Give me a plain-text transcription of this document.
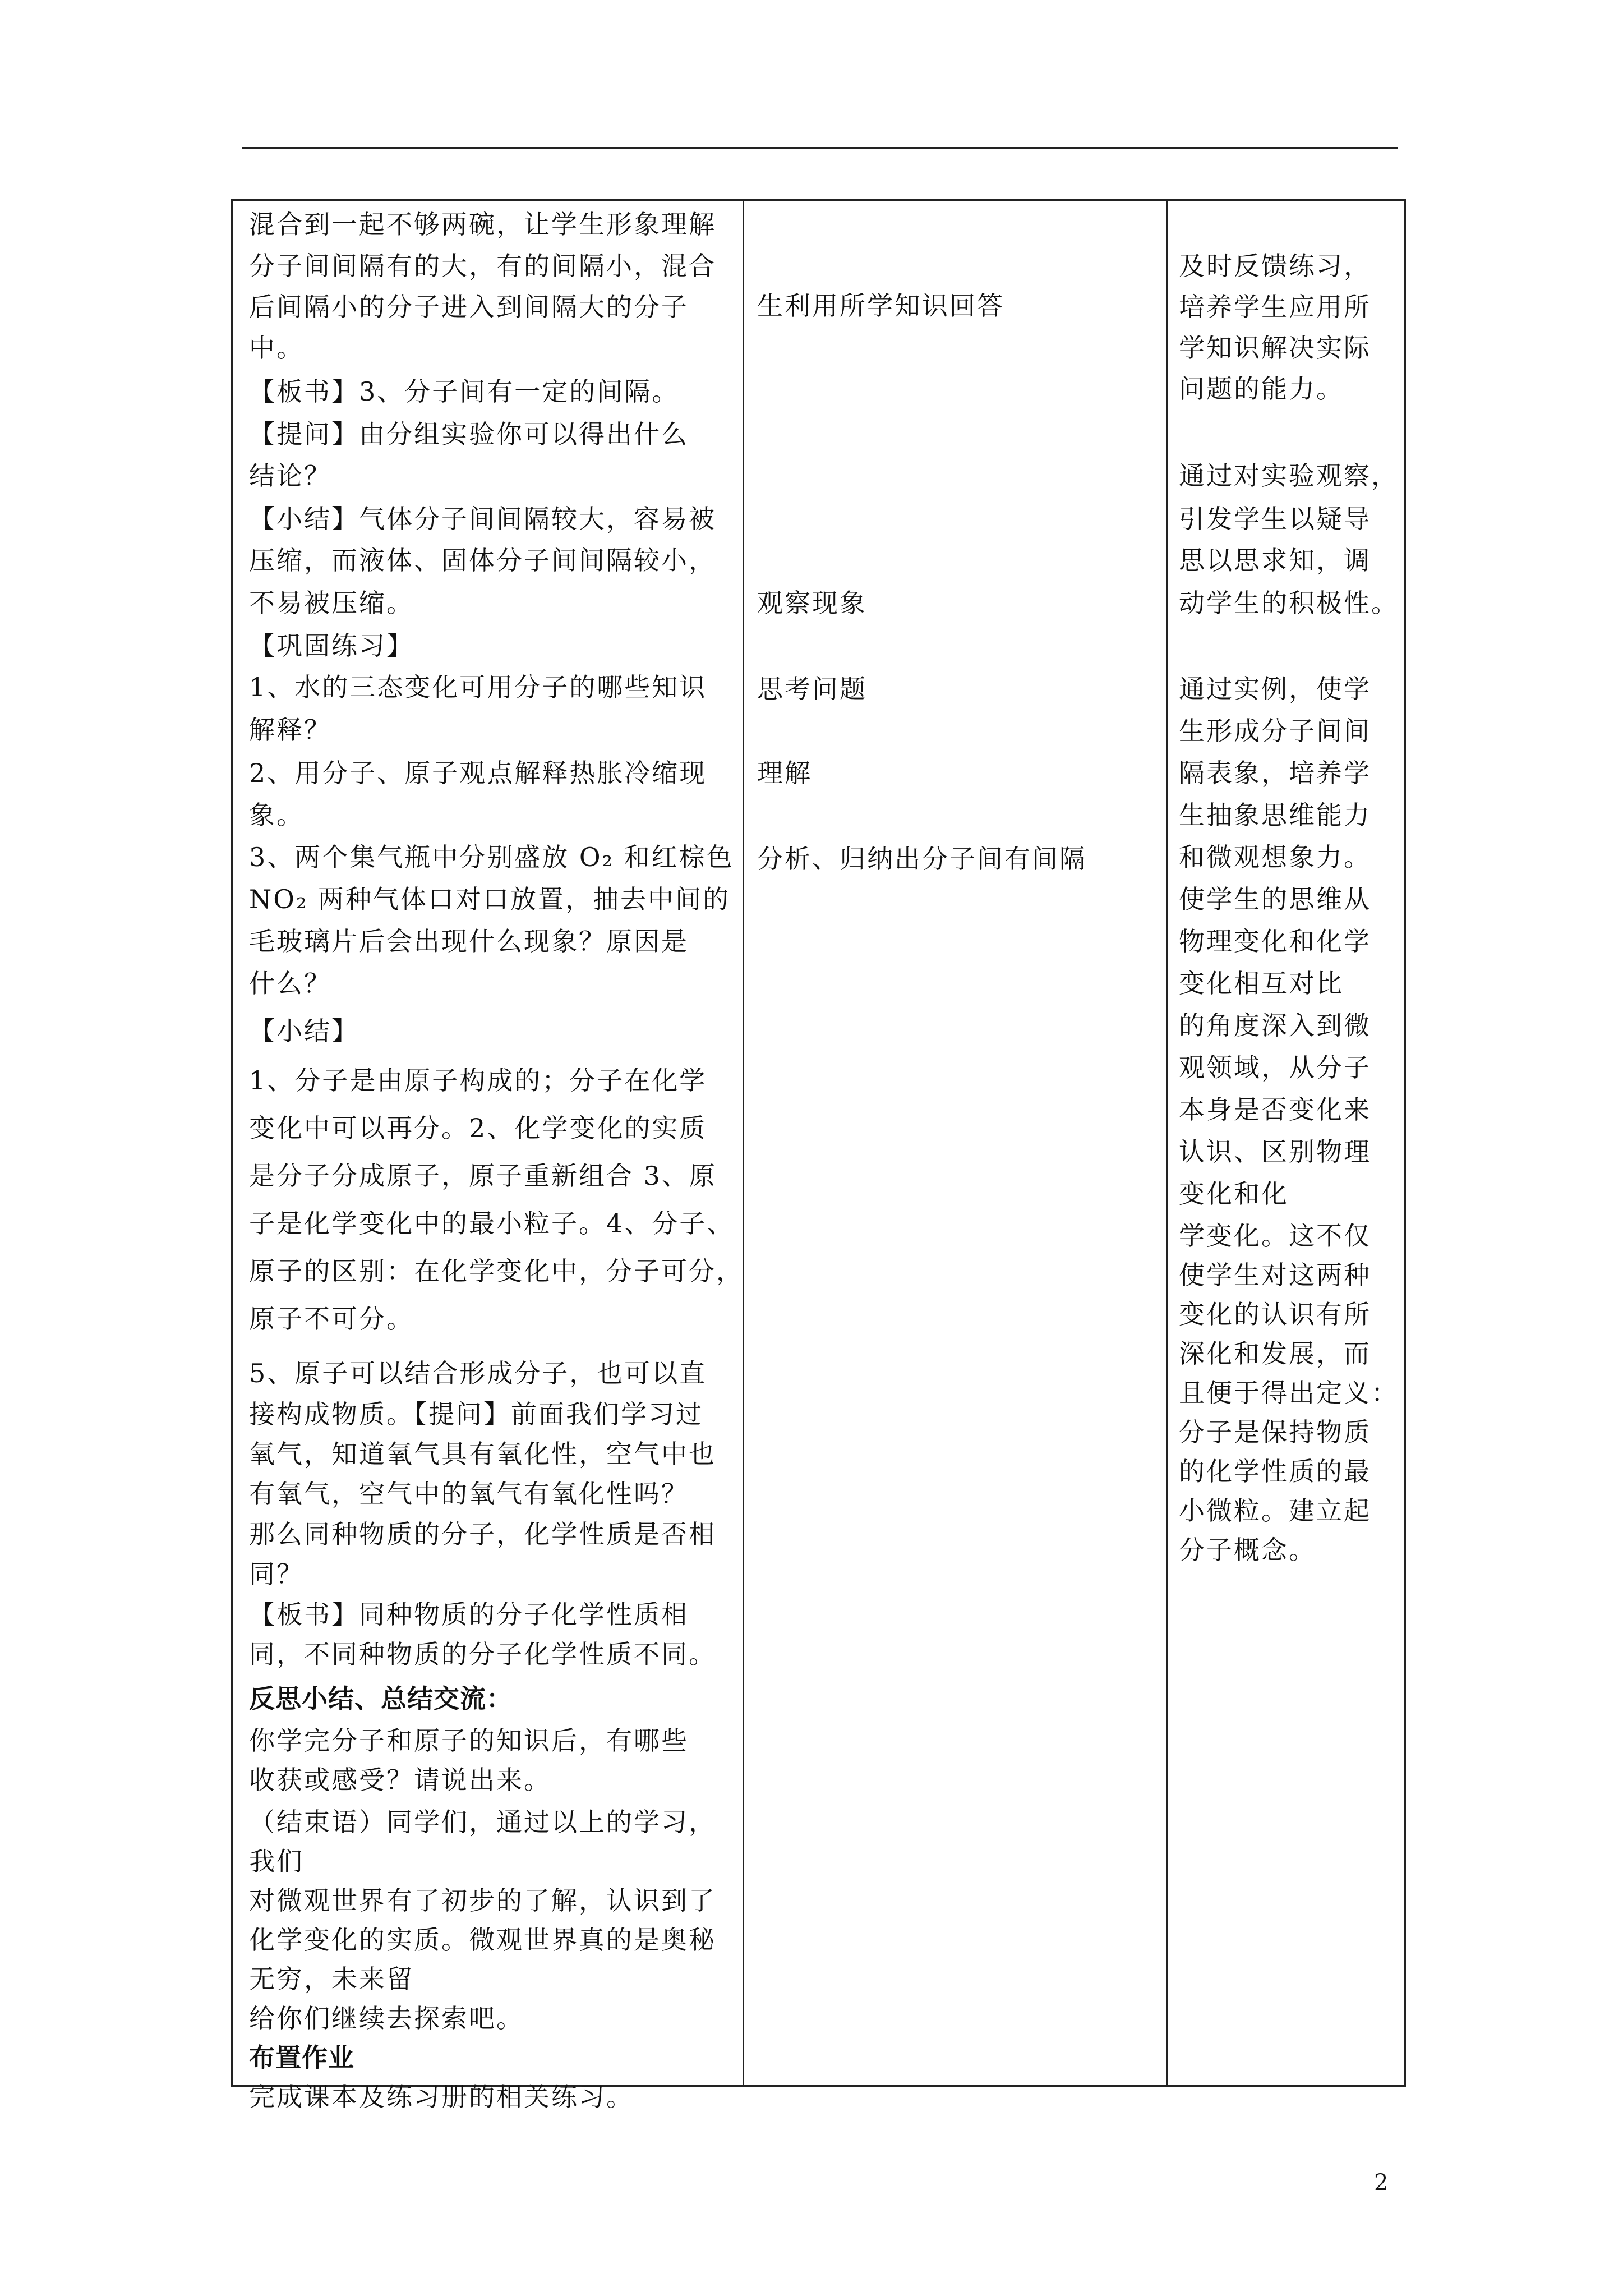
混合到一起不够两碗，让学生形象理解
分子间间隔有的大，有的间隔小，混合
后间隔小的分子进入到间隔大的分子
中。
【板书】3、分子间有一定的间隔。
【提问】由分组实验你可以得出什么
结论？
【小结】气体分子间间隔较大，容易被
压缩，而液体、固体分子间间隔较小，
不易被压缩。
【巩固练习】
1、水的三态变化可用分子的哪些知识
解释？
2、用分子、原子观点解释热胀冷缩现
象。
3、两个集气瓶中分别盛放 O₂ 和红棕色
NO₂ 两种气体口对口放置，抽去中间的
毛玻璃片后会出现什么现象？原因是
什么？
【小结】
1、分子是由原子构成的；分子在化学
变化中可以再分。2、化学变化的实质
是分子分成原子，原子重新组合 3、原
子是化学变化中的最小粒子。4、分子、
原子的区别：在化学变化中，分子可分，
原子不可分。
5、原子可以结合形成分子，也可以直
接构成物质。【提问】前面我们学习过
氧气，知道氧气具有氧化性，空气中也
有氧气，空气中的氧气有氧化性吗？
那么同种物质的分子，化学性质是否相
同？
【板书】同种物质的分子化学性质相
同，不同种物质的分子化学性质不同。
反思小结、总结交流：
你学完分子和原子的知识后，有哪些
收获或感受？请说出来。
（结束语）同学们，通过以上的学习，
我们
对微观世界有了初步的了解，认识到了
化学变化的实质。微观世界真的是奥秘
无穷，未来留
给你们继续去探索吧。
布置作业
完成课本及练习册的相关练习。
生利用所学知识回答
观察现象
思考问题
理解
分析、归纳出分子间有间隔
及时反馈练习，
培养学生应用所
学知识解决实际
问题的能力。
通过对实验观察，
引发学生以疑导
思以思求知，调
动学生的积极性。
通过实例，使学
生形成分子间间
隔表象，培养学
生抽象思维能力
和微观想象力。
使学生的思维从
物理变化和化学
变化相互对比
的角度深入到微
观领域，从分子
本身是否变化来
认识、区别物理
变化和化
学变化。这不仅
使学生对这两种
变化的认识有所
深化和发展，而
且便于得出定义：
分子是保持物质
的化学性质的最
小微粒。建立起
分子概念。
2
